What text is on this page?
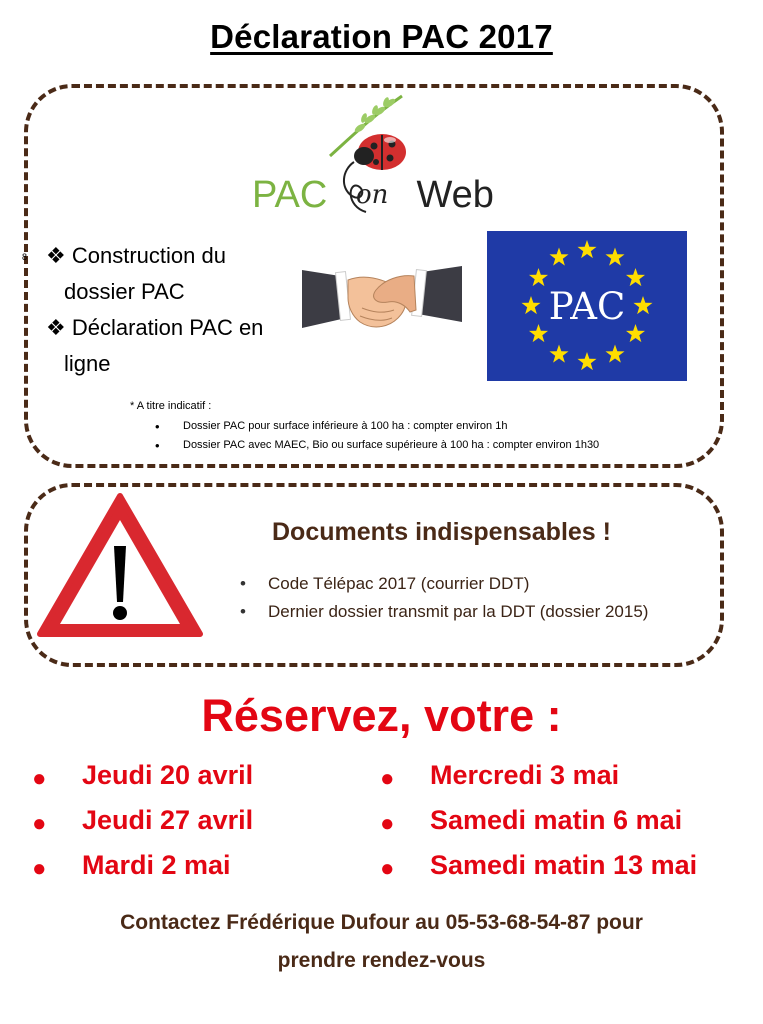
Déclaration PAC 2017
PAC Web
on
8 ❖ Construction du
dossier PAC
❖ Déclaration PAC en
ligne
PAC
* A titre indicatif :
• Dossier PAC pour surface inférieure à 100 ha : compter environ 1h
• Dossier PAC avec MAEC, Bio ou surface supérieure à 100 ha : compter environ 1h30
Documents indispensables !
• Code Télépac 2017 (courrier DDT)
• Dernier dossier transmit par la DDT (dossier 2015)
Réservez, votre :
● Jeudi 20 avril
● Jeudi 27 avril
● Mardi 2 mai
● Mercredi 3 mai
● Samedi matin 6 mai
● Samedi matin 13 mai
Contactez Frédérique Dufour au 05-53-68-54-87 pour
prendre rendez-vous
